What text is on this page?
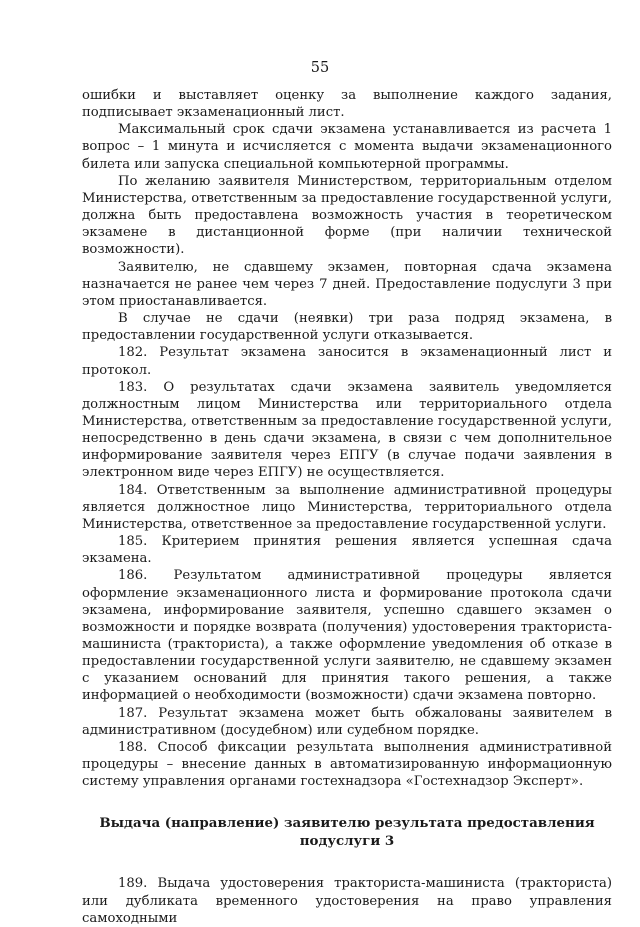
55

ошибки и выставляет оценку за выполнение каждого задания, подписывает экзаменационный лист.

Максимальный срок сдачи экзамена устанавливается из расчета 1 вопрос – 1 минута и исчисляется с момента выдачи экзаменационного билета или запуска специальной компьютерной программы.

По желанию заявителя Министерством, территориальным отделом Министерства, ответственным за предоставление государственной услуги, должна быть предоставлена возможность участия в теоретическом экзамене в дистанционной форме (при наличии технической возможности).

Заявителю, не сдавшему экзамен, повторная сдача экзамена назначается не ранее чем через 7 дней. Предоставление подуслуги 3 при этом приостанавливается.

В случае не сдачи (неявки) три раза подряд экзамена, в предоставлении государственной услуги отказывается.

182. Результат экзамена заносится в экзаменационный лист и протокол.

183. О результатах сдачи экзамена заявитель уведомляется должностным лицом Министерства или территориального отдела Министерства, ответственным за предоставление государственной услуги, непосредственно в день сдачи экзамена, в связи с чем дополнительное информирование заявителя через ЕПГУ (в случае подачи заявления в электронном виде через ЕПГУ) не осуществляется.

184. Ответственным за выполнение административной процедуры является должностное лицо Министерства, территориального отдела Министерства, ответственное за предоставление государственной услуги.

185. Критерием принятия решения является успешная сдача экзамена.

186. Результатом административной процедуры является оформление экзаменационного листа и формирование протокола сдачи экзамена, информирование заявителя, успешно сдавшего экзамен о возможности и порядке возврата (получения) удостоверения тракториста-машиниста (тракториста), а также оформление уведомления об отказе в предоставлении государственной услуги заявителю, не сдавшему экзамен с указанием оснований для принятия такого решения, а также информацией о необходимости (возможности) сдачи экзамена повторно.

187. Результат экзамена может быть обжалованы заявителем в административном (досудебном) или судебном порядке.

188. Способ фиксации результата выполнения административной процедуры – внесение данных в автоматизированную информационную систему управления органами гостехнадзора «Гостехнадзор Эксперт».

Выдача (направление) заявителю результата предоставления подуслуги 3

189. Выдача удостоверения тракториста-машиниста (тракториста) или дубликата временного удостоверения на право управления самоходными
